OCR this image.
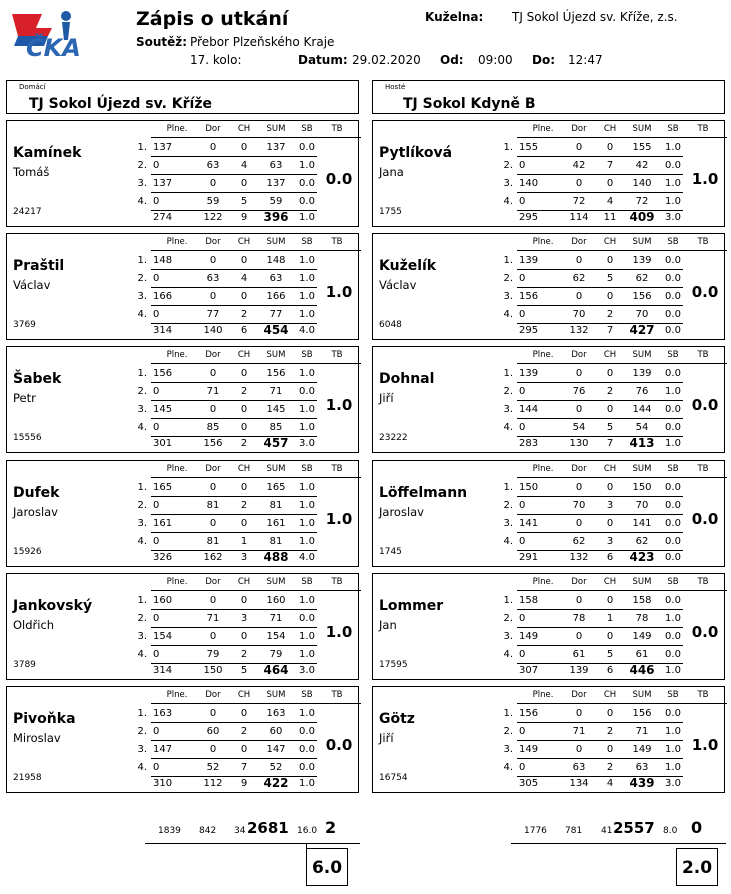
ČKA
Zápis o utkání
Soutěž: Přebor Plzeňského Kraje
17. kolo:	Datum: 29.02.2020 Od: 09:00 Do: 12:47
Kuželna: TJ Sokol Újezd sv. Kříže, z.s.
Domácí
TJ Sokol Újezd sv. Kříže
Hosté
TJ Sokol Kdyně B
Kamínek
Tomáš
24217
Plne.	Dor	CH	SUM	SB	TB
1. 137	0	0	137	0.0
2. 0	63	4	63	1.0
3. 137	0	0	137	0.0
4. 0	59	5	59	0.0
0.0
274	122	9	396	1.0
Praštil
Václav
3769
Plne.	Dor	CH	SUM	SB	TB
1. 148	0	0	148	1.0
2. 0	63	4	63	1.0
3. 166	0	0	166	1.0
4. 0	77	2	77	1.0
1.0
314	140	6	454	4.0
Šabek
Petr
15556
Plne.	Dor	CH	SUM	SB	TB
1. 156	0	0	156	1.0
2. 0	71	2	71	0.0
3. 145	0	0	145	1.0
4. 0	85	0	85	1.0
1.0
301	156	2	457	3.0
Dufek
Jaroslav
15926
Plne.	Dor	CH	SUM	SB	TB
1. 165	0	0	165	1.0
2. 0	81	2	81	1.0
3. 161	0	0	161	1.0
4. 0	81	1	81	1.0
1.0
326	162	3	488	4.0
Jankovský
Oldřich
3789
Plne.	Dor	CH	SUM	SB	TB
1. 160	0	0	160	1.0
2. 0	71	3	71	0.0
3. 154	0	0	154	1.0
4. 0	79	2	79	1.0
1.0
314	150	5	464	3.0
Pivoňka
Miroslav
21958
Plne.	Dor	CH	SUM	SB	TB
1. 163	0	0	163	1.0
2. 0	60	2	60	0.0
3. 147	0	0	147	0.0
4. 0	52	7	52	0.0
0.0
310	112	9	422	1.0
Pytlíková
Jana
1755
Plne.	Dor	CH	SUM	SB	TB
1. 155	0	0	155	1.0
2. 0	42	7	42	0.0
3. 140	0	0	140	1.0
4. 0	72	4	72	1.0
1.0
295	114	11	409	3.0
Kuželík
Václav
6048
Plne.	Dor	CH	SUM	SB	TB
1. 139	0	0	139	0.0
2. 0	62	5	62	0.0
3. 156	0	0	156	0.0
4. 0	70	2	70	0.0
0.0
295	132	7	427	0.0
Dohnal
Jiří
23222
Plne.	Dor	CH	SUM	SB	TB
1. 139	0	0	139	0.0
2. 0	76	2	76	1.0
3. 144	0	0	144	0.0
4. 0	54	5	54	0.0
0.0
283	130	7	413	1.0
Löffelmann
Jaroslav
1745
Plne.	Dor	CH	SUM	SB	TB
1. 150	0	0	150	0.0
2. 0	70	3	70	0.0
3. 141	0	0	141	0.0
4. 0	62	3	62	0.0
0.0
291	132	6	423	0.0
Lommer
Jan
17595
Plne.	Dor	CH	SUM	SB	TB
1. 158	0	0	158	0.0
2. 0	78	1	78	1.0
3. 149	0	0	149	0.0
4. 0	61	5	61	0.0
0.0
307	139	6	446	1.0
Götz
Jiří
16754
Plne.	Dor	CH	SUM	SB	TB
1. 156	0	0	156	0.0
2. 0	71	2	71	1.0
3. 149	0	0	149	1.0
4. 0	63	2	63	1.0
1.0
305	134	4	439	3.0
1839 842 34 2681 16.0 2
6.0
1776 781 41 2557 8.0 0
2.0
